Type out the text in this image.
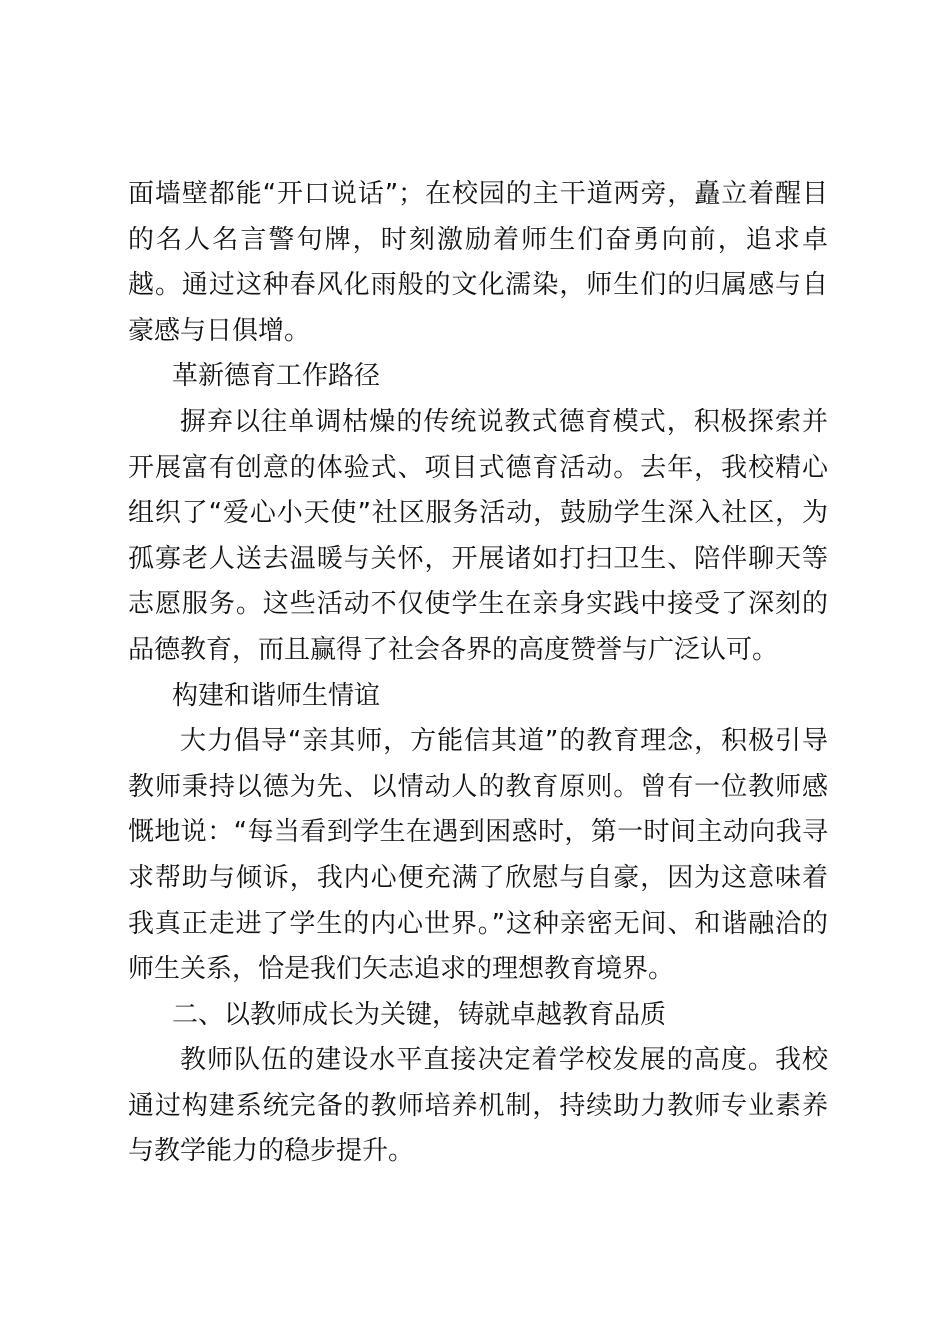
面墙壁都能“开口说话”；在校园的主干道两旁，矗立着醒目的名人名言警句牌，时刻激励着师生们奋勇向前，追求卓越。通过这种春风化雨般的文化濡染，师生们的归属感与自豪感与日俱增。

革新德育工作路径

摒弃以往单调枯燥的传统说教式德育模式，积极探索并开展富有创意的体验式、项目式德育活动。去年，我校精心组织了“爱心小天使”社区服务活动，鼓励学生深入社区，为孤寡老人送去温暖与关怀，开展诸如打扫卫生、陪伴聊天等志愿服务。这些活动不仅使学生在亲身实践中接受了深刻的品德教育，而且赢得了社会各界的高度赞誉与广泛认可。

构建和谐师生情谊

大力倡导“亲其师，方能信其道”的教育理念，积极引导教师秉持以德为先、以情动人的教育原则。曾有一位教师感慨地说：“每当看到学生在遇到困惑时，第一时间主动向我寻求帮助与倾诉，我内心便充满了欣慰与自豪，因为这意味着我真正走进了学生的内心世界。”这种亲密无间、和谐融洽的师生关系，恰是我们矢志追求的理想教育境界。

二、以教师成长为关键，铸就卓越教育品质

教师队伍的建设水平直接决定着学校发展的高度。我校通过构建系统完备的教师培养机制，持续助力教师专业素养与教学能力的稳步提升。
